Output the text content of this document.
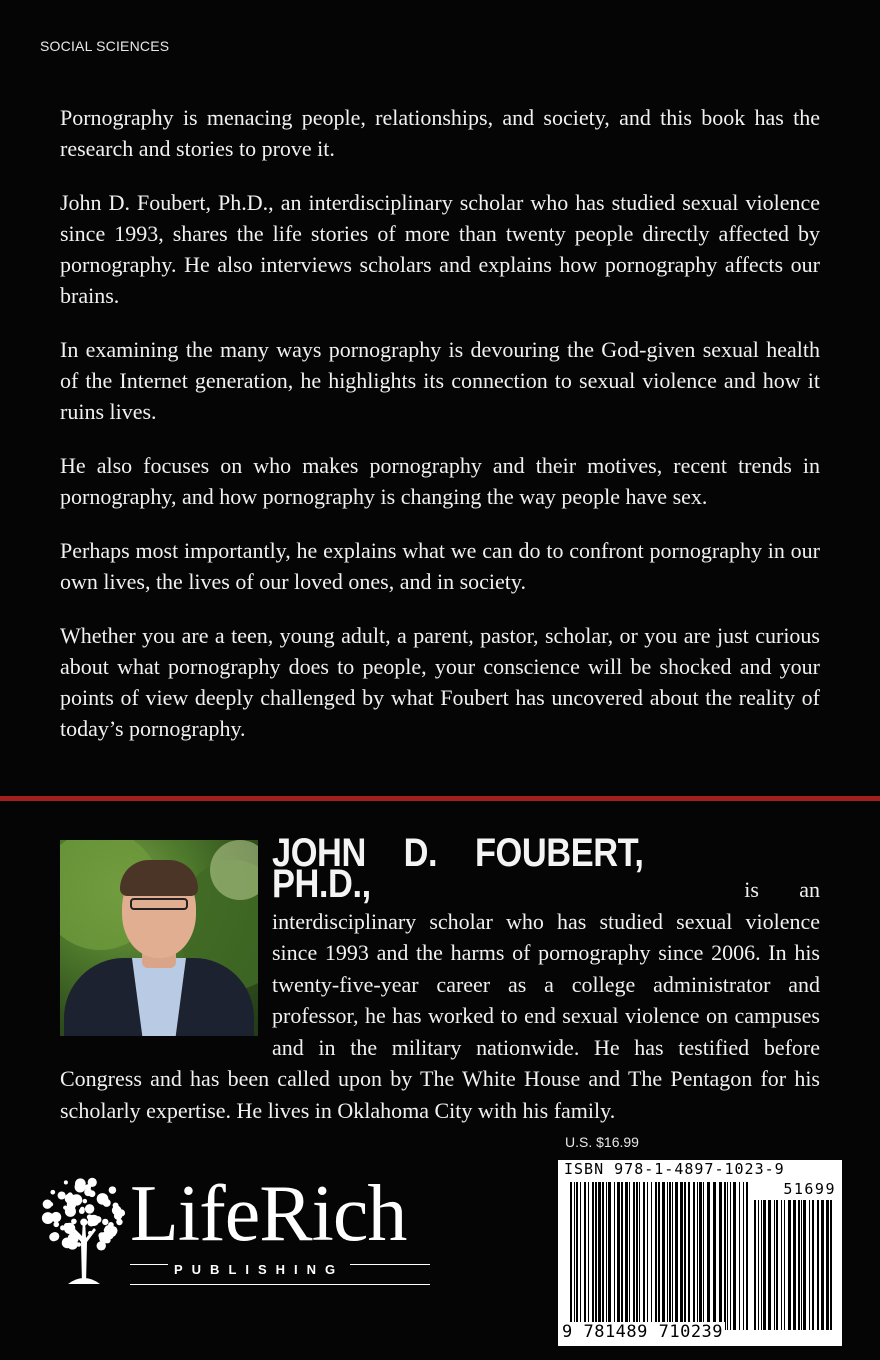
SOCIAL SCIENCES

Pornography is menacing people, relationships, and society, and this book has the research and stories to prove it.

John D. Foubert, Ph.D., an interdisciplinary scholar who has studied sexual violence since 1993, shares the life stories of more than twenty people directly affected by pornography. He also interviews scholars and explains how pornography affects our brains.

In examining the many ways pornography is devouring the God-given sexual health of the Internet generation, he highlights its connection to sexual violence and how it ruins lives.

He also focuses on who makes pornography and their motives, recent trends in pornography, and how pornography is changing the way people have sex.

Perhaps most importantly, he explains what we can do to confront pornography in our own lives, the lives of our loved ones, and in society.

Whether you are a teen, young adult, a parent, pastor, scholar, or you are just curious about what pornography does to people, your conscience will be shocked and your points of view deeply challenged by what Foubert has uncovered about the reality of today’s pornography.

JOHN D. FOUBERT, PH.D.,	is an interdisciplinary scholar who has studied sexual violence since 1993 and the harms of pornography since 2006. In his twenty-five-year career as a college administrator and professor, he has worked to end sexual violence on campuses and in the military nationwide. He has testified before Congress and has been called upon by The White House and The Pentagon for his scholarly expertise. He lives in Oklahoma City with his family.
U.S. $16.99
ISBN 978-1-4897-1023-9
51699
9 781489 710239
LifeRich
PUBLISHING
